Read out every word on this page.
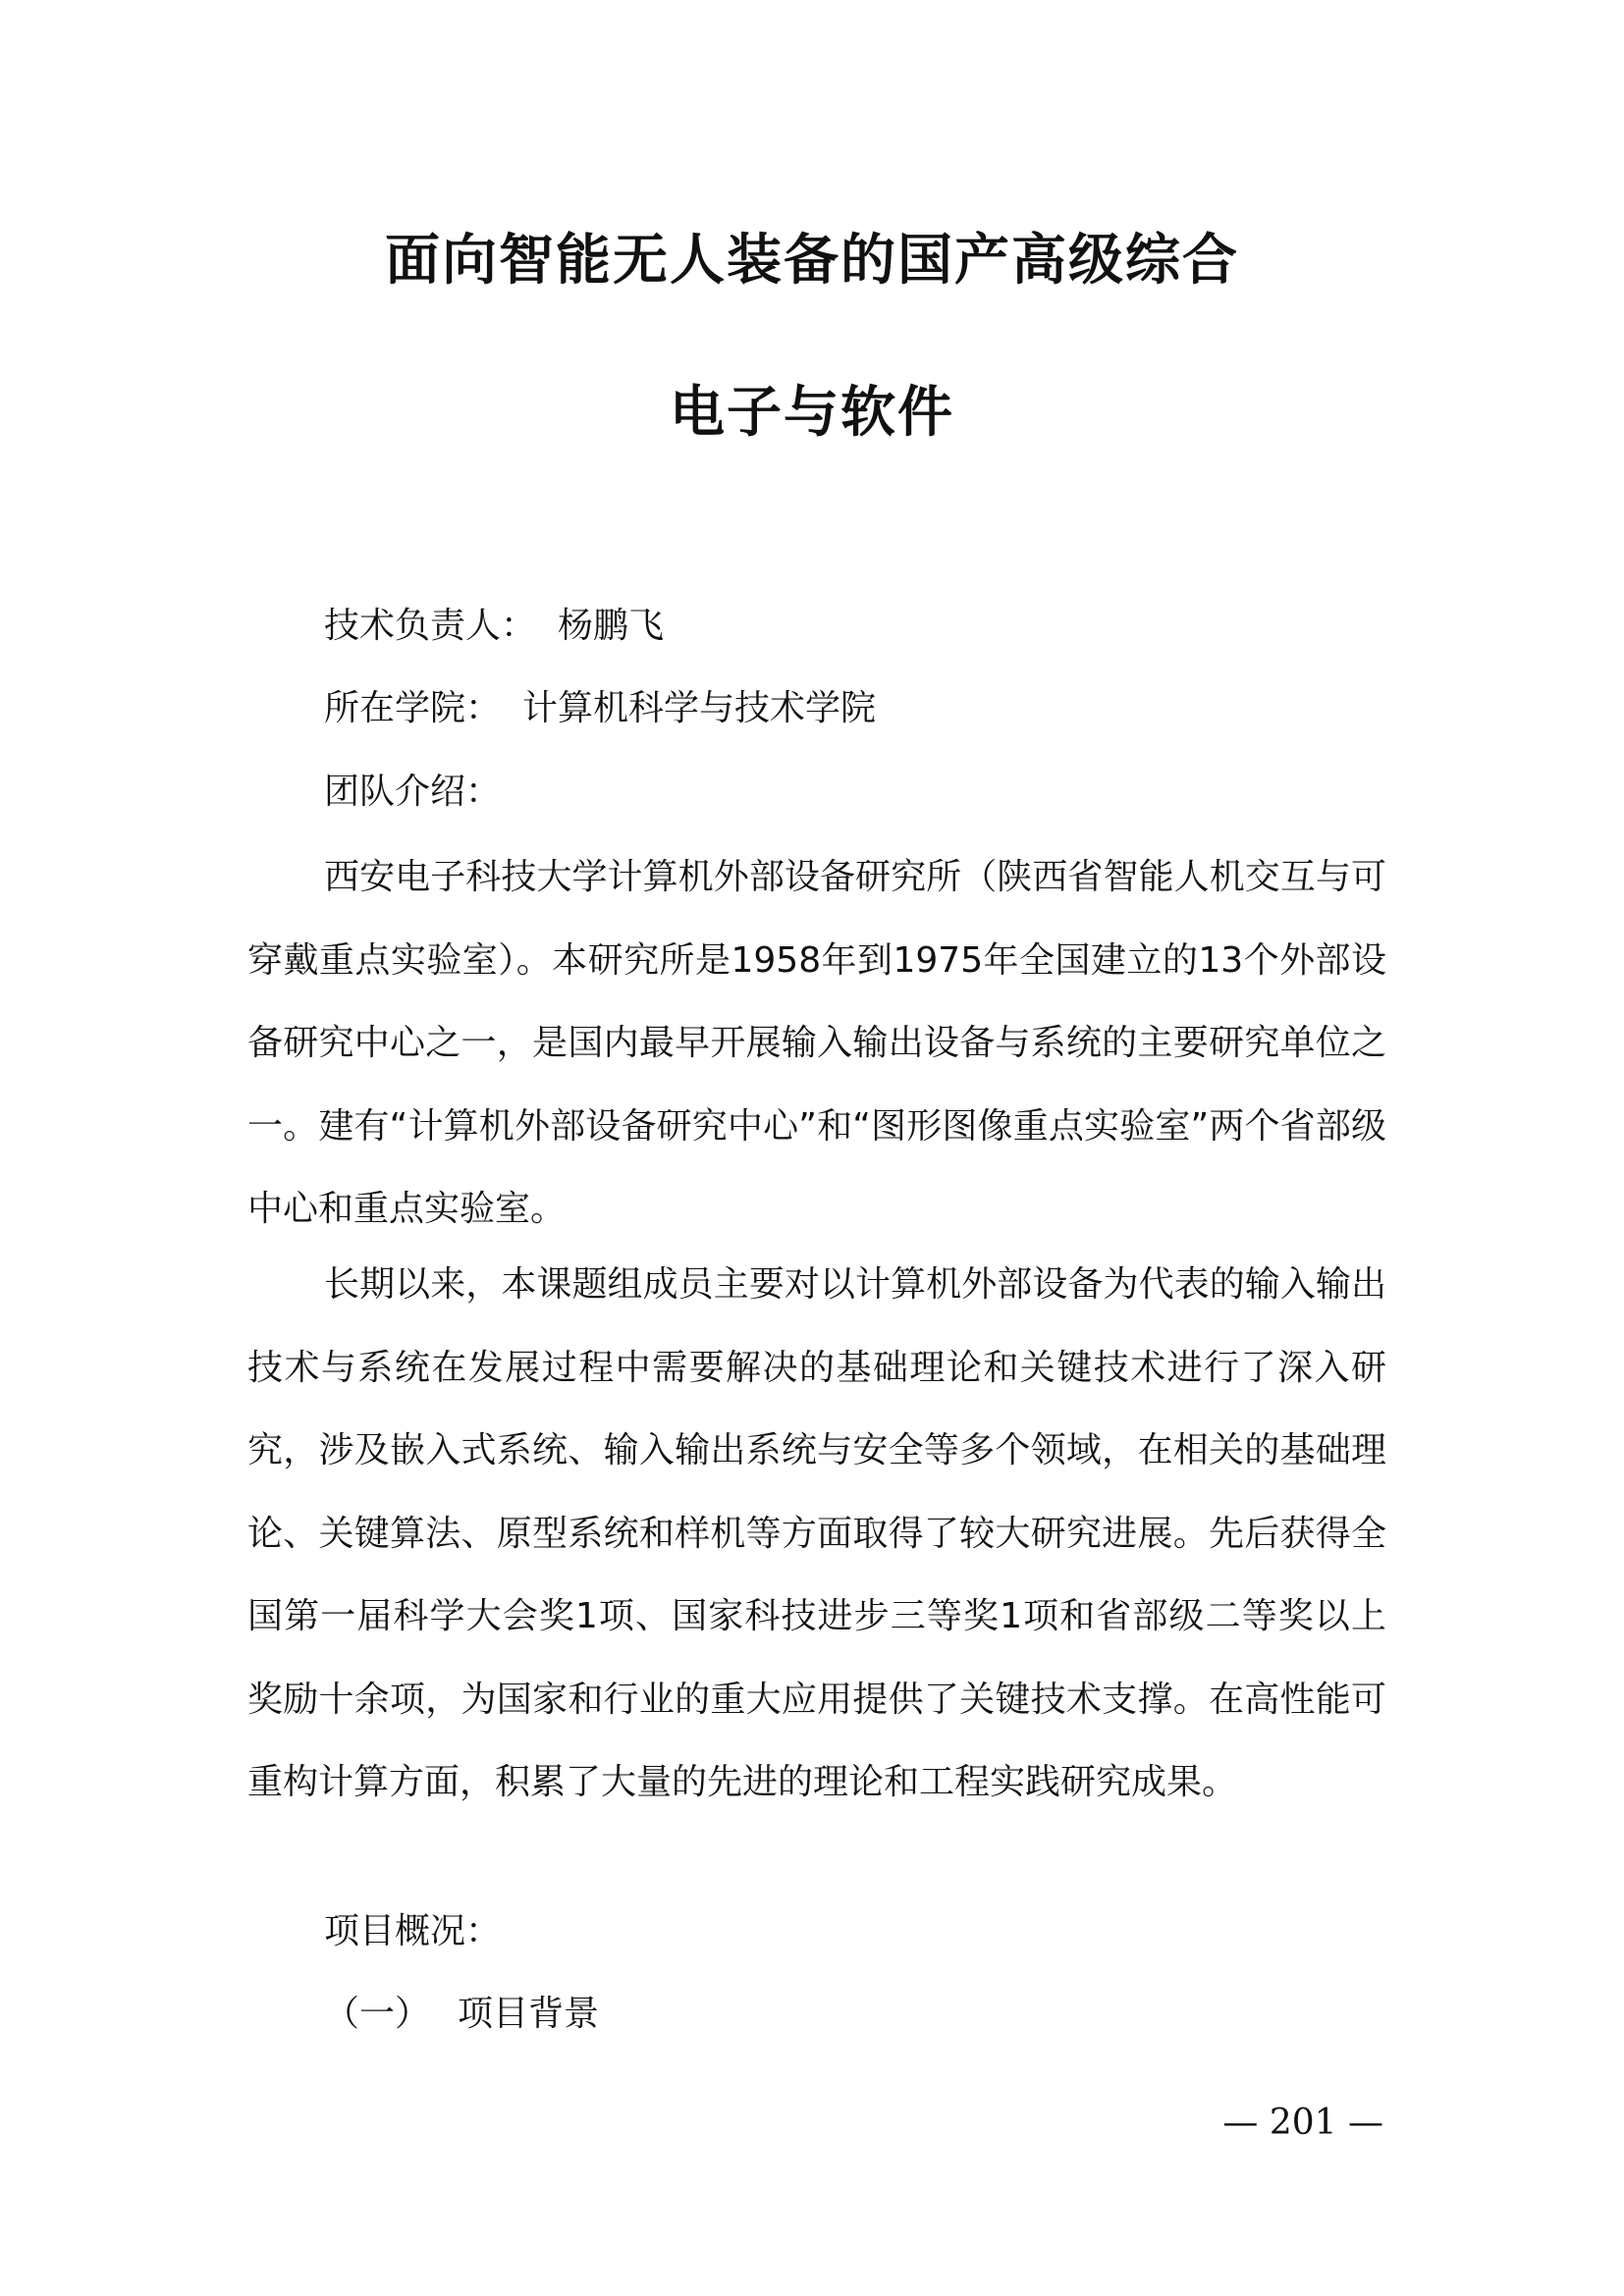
面向智能无人装备的国产高级综合
电子与软件
技术负责人： 杨鹏飞
所在学院： 计算机科学与技术学院
团队介绍：
西安电子科技大学计算机外部设备研究所（陕西省智能人机交互与可穿戴重点实验室）。本研究所是1958年到1975年全国建立的13个外部设备研究中心之一，是国内最早开展输入输出设备与系统的主要研究单位之一。建有“计算机外部设备研究中心”和“图形图像重点实验室”两个省部级中心和重点实验室。
长期以来，本课题组成员主要对以计算机外部设备为代表的输入输出技术与系统在发展过程中需要解决的基础理论和关键技术进行了深入研究，涉及嵌入式系统、输入输出系统与安全等多个领域，在相关的基础理论、关键算法、原型系统和样机等方面取得了较大研究进展。先后获得全国第一届科学大会奖1项、国家科技进步三等奖1项和省部级二等奖以上奖励十余项，为国家和行业的重大应用提供了关键技术支撑。在高性能可重构计算方面，积累了大量的先进的理论和工程实践研究成果。
项目概况：
（一） 项目背景
— 201 —
